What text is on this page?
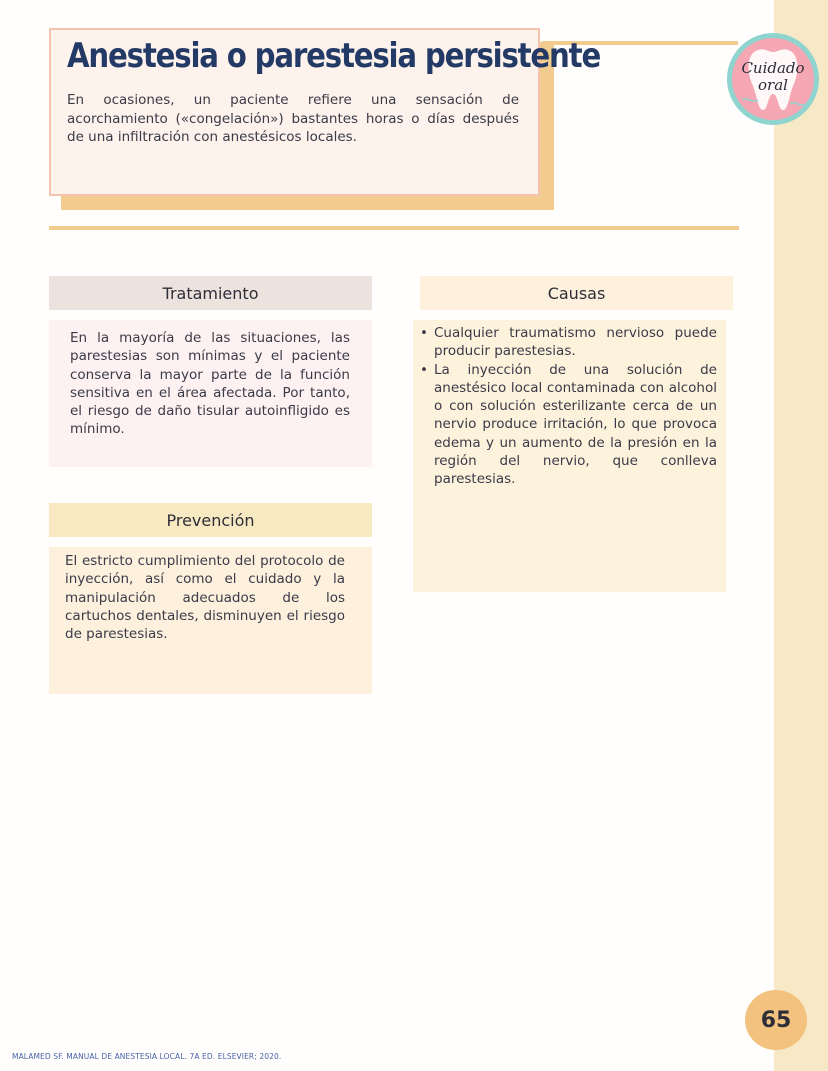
Anestesia o parestesia persistente

En ocasiones, un paciente refiere una sensación de acorchamiento («congelación») bastantes horas o días después de una infiltración con anestésicos locales.

Cuidado
oral
Tratamiento

En la mayoría de las situaciones, las parestesias son mínimas y el paciente conserva la mayor parte de la función sensitiva en el área afectada. Por tanto, el riesgo de daño tisular autoinfligido es mínimo.

Causas
• Cualquier traumatismo nervioso puede producir parestesias.
• La inyección de una solución de anestésico local contaminada con alcohol o con solución esterilizante cerca de un nervio produce irritación, lo que provoca edema y un aumento de la presión en la región del nervio, que conlleva parestesias.
Prevención

El estricto cumplimiento del protocolo de inyección, así como el cuidado y la manipulación adecuados de los cartuchos dentales, disminuyen el riesgo de parestesias.

65
MALAMED SF. MANUAL DE ANESTESIA LOCAL. 7A ED. ELSEVIER; 2020.
